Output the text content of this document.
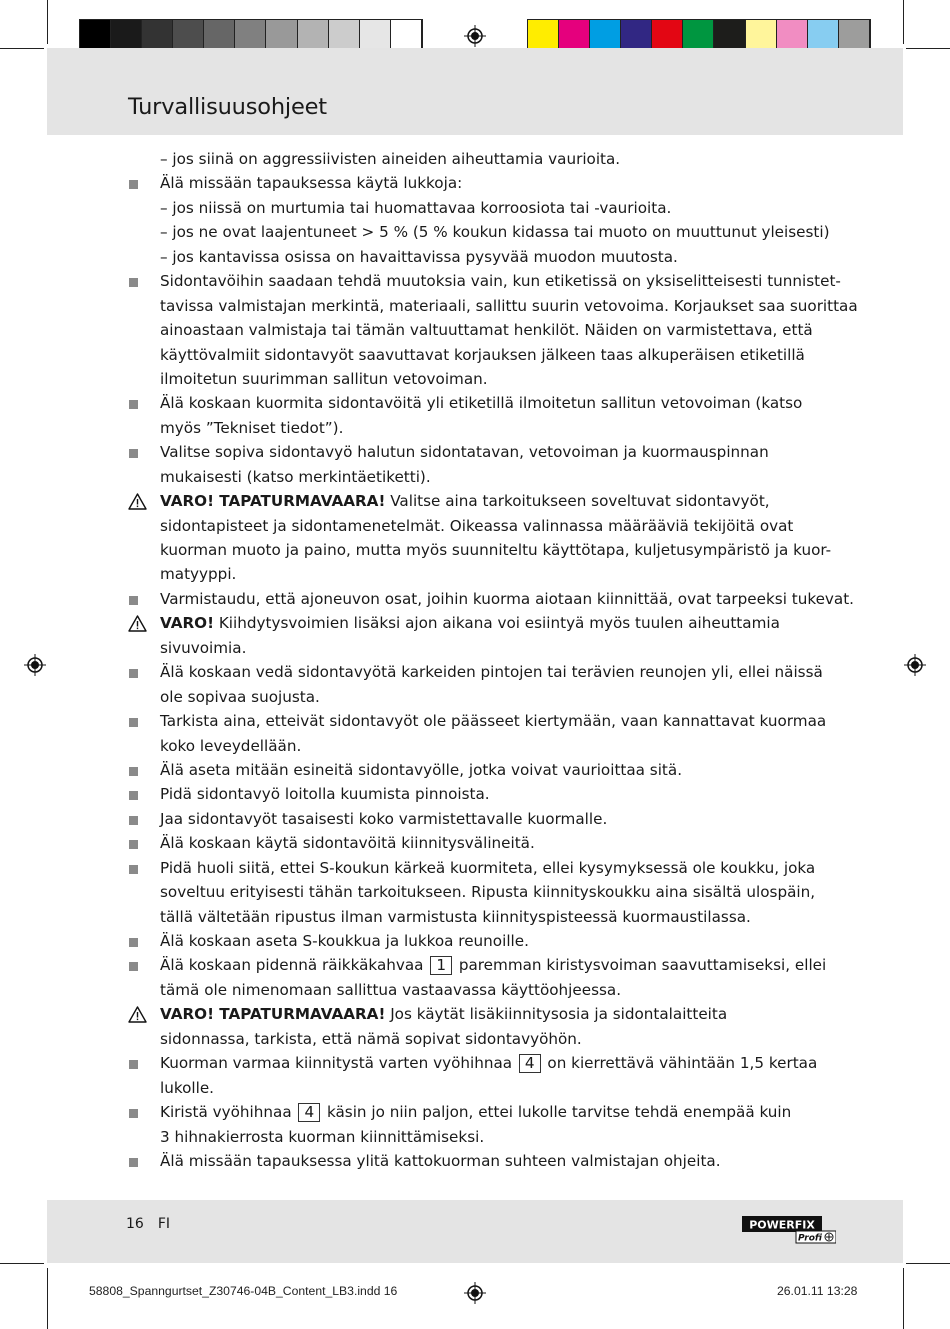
Turvallisuusohjeet
– jos siinä on aggressiivisten aineiden aiheuttamia vaurioita.
Älä missään tapauksessa käytä lukkoja:
– jos niissä on murtumia tai huomattavaa korroosiota tai -vaurioita.
– jos ne ovat laajentuneet > 5 % (5 % koukun kidassa tai muoto on muuttunut yleisesti)
– jos kantavissa osissa on havaittavissa pysyvää muodon muutosta.
Sidontavöihin saadaan tehdä muutoksia vain, kun etiketissä on yksiselitteisesti tunnistet-
tavissa valmistajan merkintä, materiaali, sallittu suurin vetovoima. Korjaukset saa suorittaa
ainoastaan valmistaja tai tämän valtuuttamat henkilöt. Näiden on varmistettava, että
käyttövalmiit sidontavyöt saavuttavat korjauksen jälkeen taas alkuperäisen etiketillä
ilmoitetun suurimman sallitun vetovoiman.
Älä koskaan kuormita sidontavöitä yli etiketillä ilmoitetun sallitun vetovoiman (katso
myös ”Tekniset tiedot”).
Valitse sopiva sidontavyö halutun sidontatavan, vetovoiman ja kuormauspinnan
mukaisesti (katso merkintäetiketti).
VARO! TAPATURMAVAARA! Valitse aina tarkoitukseen soveltuvat sidontavyöt,
sidontapisteet ja sidontamenetelmät. Oikeassa valinnassa määrääviä tekijöitä ovat
kuorman muoto ja paino, mutta myös suunniteltu käyttötapa, kuljetusympäristö ja kuor-
matyyppi.
Varmistaudu, että ajoneuvon osat, joihin kuorma aiotaan kiinnittää, ovat tarpeeksi tukevat.
VARO! Kiihdytysvoimien lisäksi ajon aikana voi esiintyä myös tuulen aiheuttamia
sivuvoimia.
Älä koskaan vedä sidontavyötä karkeiden pintojen tai terävien reunojen yli, ellei näissä
ole sopivaa suojusta.
Tarkista aina, etteivät sidontavyöt ole päässeet kiertymään, vaan kannattavat kuormaa
koko leveydellään.
Älä aseta mitään esineitä sidontavyölle, jotka voivat vaurioittaa sitä.
Pidä sidontavyö loitolla kuumista pinnoista.
Jaa sidontavyöt tasaisesti koko varmistettavalle kuormalle.
Älä koskaan käytä sidontavöitä kiinnitysvälineitä.
Pidä huoli siitä, ettei S-koukun kärkeä kuormiteta, ellei kysymyksessä ole koukku, joka
soveltuu erityisesti tähän tarkoitukseen. Ripusta kiinnityskoukku aina sisältä ulospäin,
tällä vältetään ripustus ilman varmistusta kiinnityspisteessä kuormaustilassa.
Älä koskaan aseta S-koukkua ja lukkoa reunoille.
Älä koskaan pidennä räikkäkahvaa 1 paremman kiristysvoiman saavuttamiseksi, ellei
tämä ole nimenomaan sallittua vastaavassa käyttöohjeessa.
VARO! TAPATURMAVAARA! Jos käytät lisäkiinnitysosia ja sidontalaitteita
sidonnassa, tarkista, että nämä sopivat sidontavyöhön.
Kuorman varmaa kiinnitystä varten vyöhihnaa 4 on kierrettävä vähintään 1,5 kertaa
lukolle.
Kiristä vyöhihnaa 4 käsin jo niin paljon, ettei lukolle tarvitse tehdä enempää kuin
3 hihnakierrosta kuorman kiinnittämiseksi.
Älä missään tapauksessa ylitä kattokuorman suhteen valmistajan ohjeita.
16 FI	POWERFIX
Profi
58808_Spanngurtset_Z30746-04B_Content_LB3.indd 16	26.01.11 13:28
